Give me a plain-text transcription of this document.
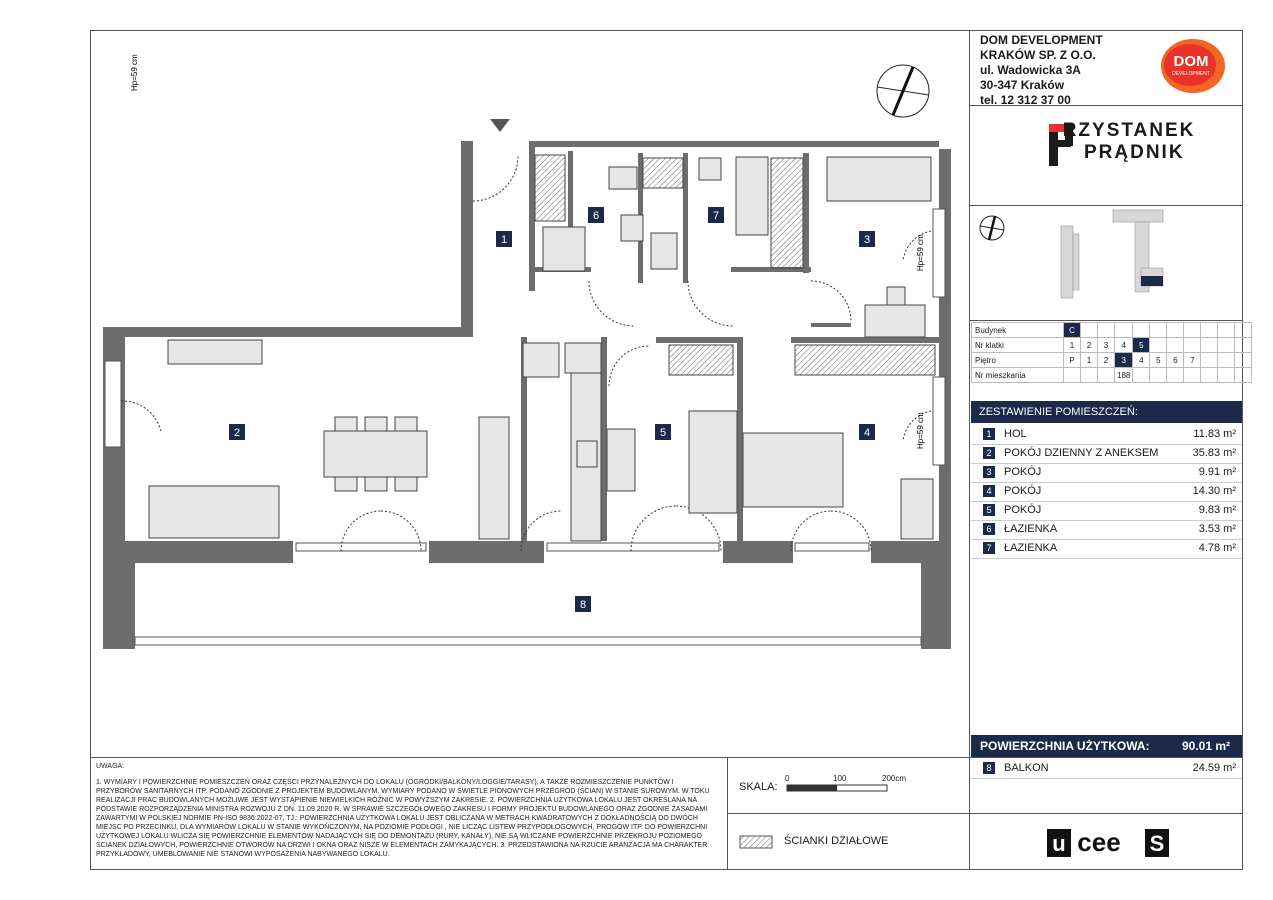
1
2
3
4
5
6	7
8
Hp=59 cm
Hp=59 cm
Hp=59 cm
DOM DEVELOPMENT
KRAKÓW SP. Z O.O.
ul. Wadowicka 3A
30-347 Kraków
tel. 12 312 37 00
DOM
DEVELOPMENT
RZYSTANEK
PRĄDNIK
Budynek	C										
Nr klatki	1	2	3	4	5						
Piętro	P	1	2	3	4	5	6	7			
Nr mieszkania				188							
ZESTAWIENIE POMIESZCZEŃ:
1	HOL	11.83 m²
2	POKÓJ DZIENNY Z ANEKSEM	35.83 m²
3	POKÓJ	9.91 m²
4	POKÓJ	14.30 m²
5	POKÓJ	9.83 m²
6	ŁAZIENKA	3.53 m²
7	ŁAZIENKA	4.78 m²
POWIERZCHNIA UŻYTKOWA:	90.01 m²
8	BALKON	24.59 m²
UWAGA:
1. WYMIARY I POWIERZCHNIE POMIESZCZEŃ ORAZ CZĘŚCI PRZYNALEŻNYCH DO LOKALU (OGRÓDKI/BALKONY/LOGGIE/TARASY), A TAKŻE ROZMIESZCZENIE PUNKTÓW I PRZYBORÓW SANITARNYCH ITP. PODANO ZGODNIE Z PROJEKTEM BUDOWLANYM. WYMIARY PODANO W ŚWIETLE PIONOWYCH PRZEGRÓD (ŚCIAN) W STANIE SUROWYM. W TOKU REALIZACJI PRAC BUDOWLANYCH MOŻLIWE JEST WYSTĄPIENIE NIEWIELKICH RÓŻNIC W POWYŻSZYM ZAKRESIE. 2. POWIERZCHNIA UŻYTKOWA LOKALU JEST OKREŚLANA NA PODSTAWIE ROZPORZĄDZENIA MINISTRA ROZWOJU Z DN. 11.09.2020 R. W SPRAWIE SZCZEGÓŁOWEGO ZAKRESU I FORMY PROJEKTU BUDOWLANEGO ORAZ ZGODNIE ZASADAMI ZAWARTYMI W POLSKIEJ NORMIE PN-ISO 9836:2022-07, TJ.: POWIERZCHNIA UŻYTKOWA LOKALU JEST OBLICZANA W METRACH KWADRATOWYCH Z DOKŁADNOŚCIĄ DO DWÓCH MIEJSC PO PRZECINKU, DLA WYMIARÓW LOKALU W STANIE WYKOŃCZONYM, NA POZIOMIE PODŁOGI , NIE LICZĄC LISTEW PRZYPODŁOGOWYCH, PROGÓW ITP. DO POWIERZCHNI UŻYTKOWEJ LOKALU WLICZA SIĘ POWIERZCHNIE ELEMENTÓW NADAJĄCYCH SIĘ DO DEMONTAŻU (RURY, KANAŁY), NIE SĄ WLICZANE POWIERZCHNIE PRZEKROJU POZIOMEGO ŚCIANEK DZIAŁOWYCH, POWIERZCHNIE OTWORÓW NA DRZWI I OKNA ORAZ NISZE W ELEMENTACH ZAMYKAJĄCYCH. 3. PRZEDSTAWIONA NA RZUCIE ARANŻACJA MA CHARAKTER PRZYKŁADOWY, UMEBLOWANIE NIE STANOWI WYPOSAŻENIA NABYWANEGO LOKALU.
SKALA:
0	100	200cm
ŚCIANKI DZIAŁOWE	u cee S
